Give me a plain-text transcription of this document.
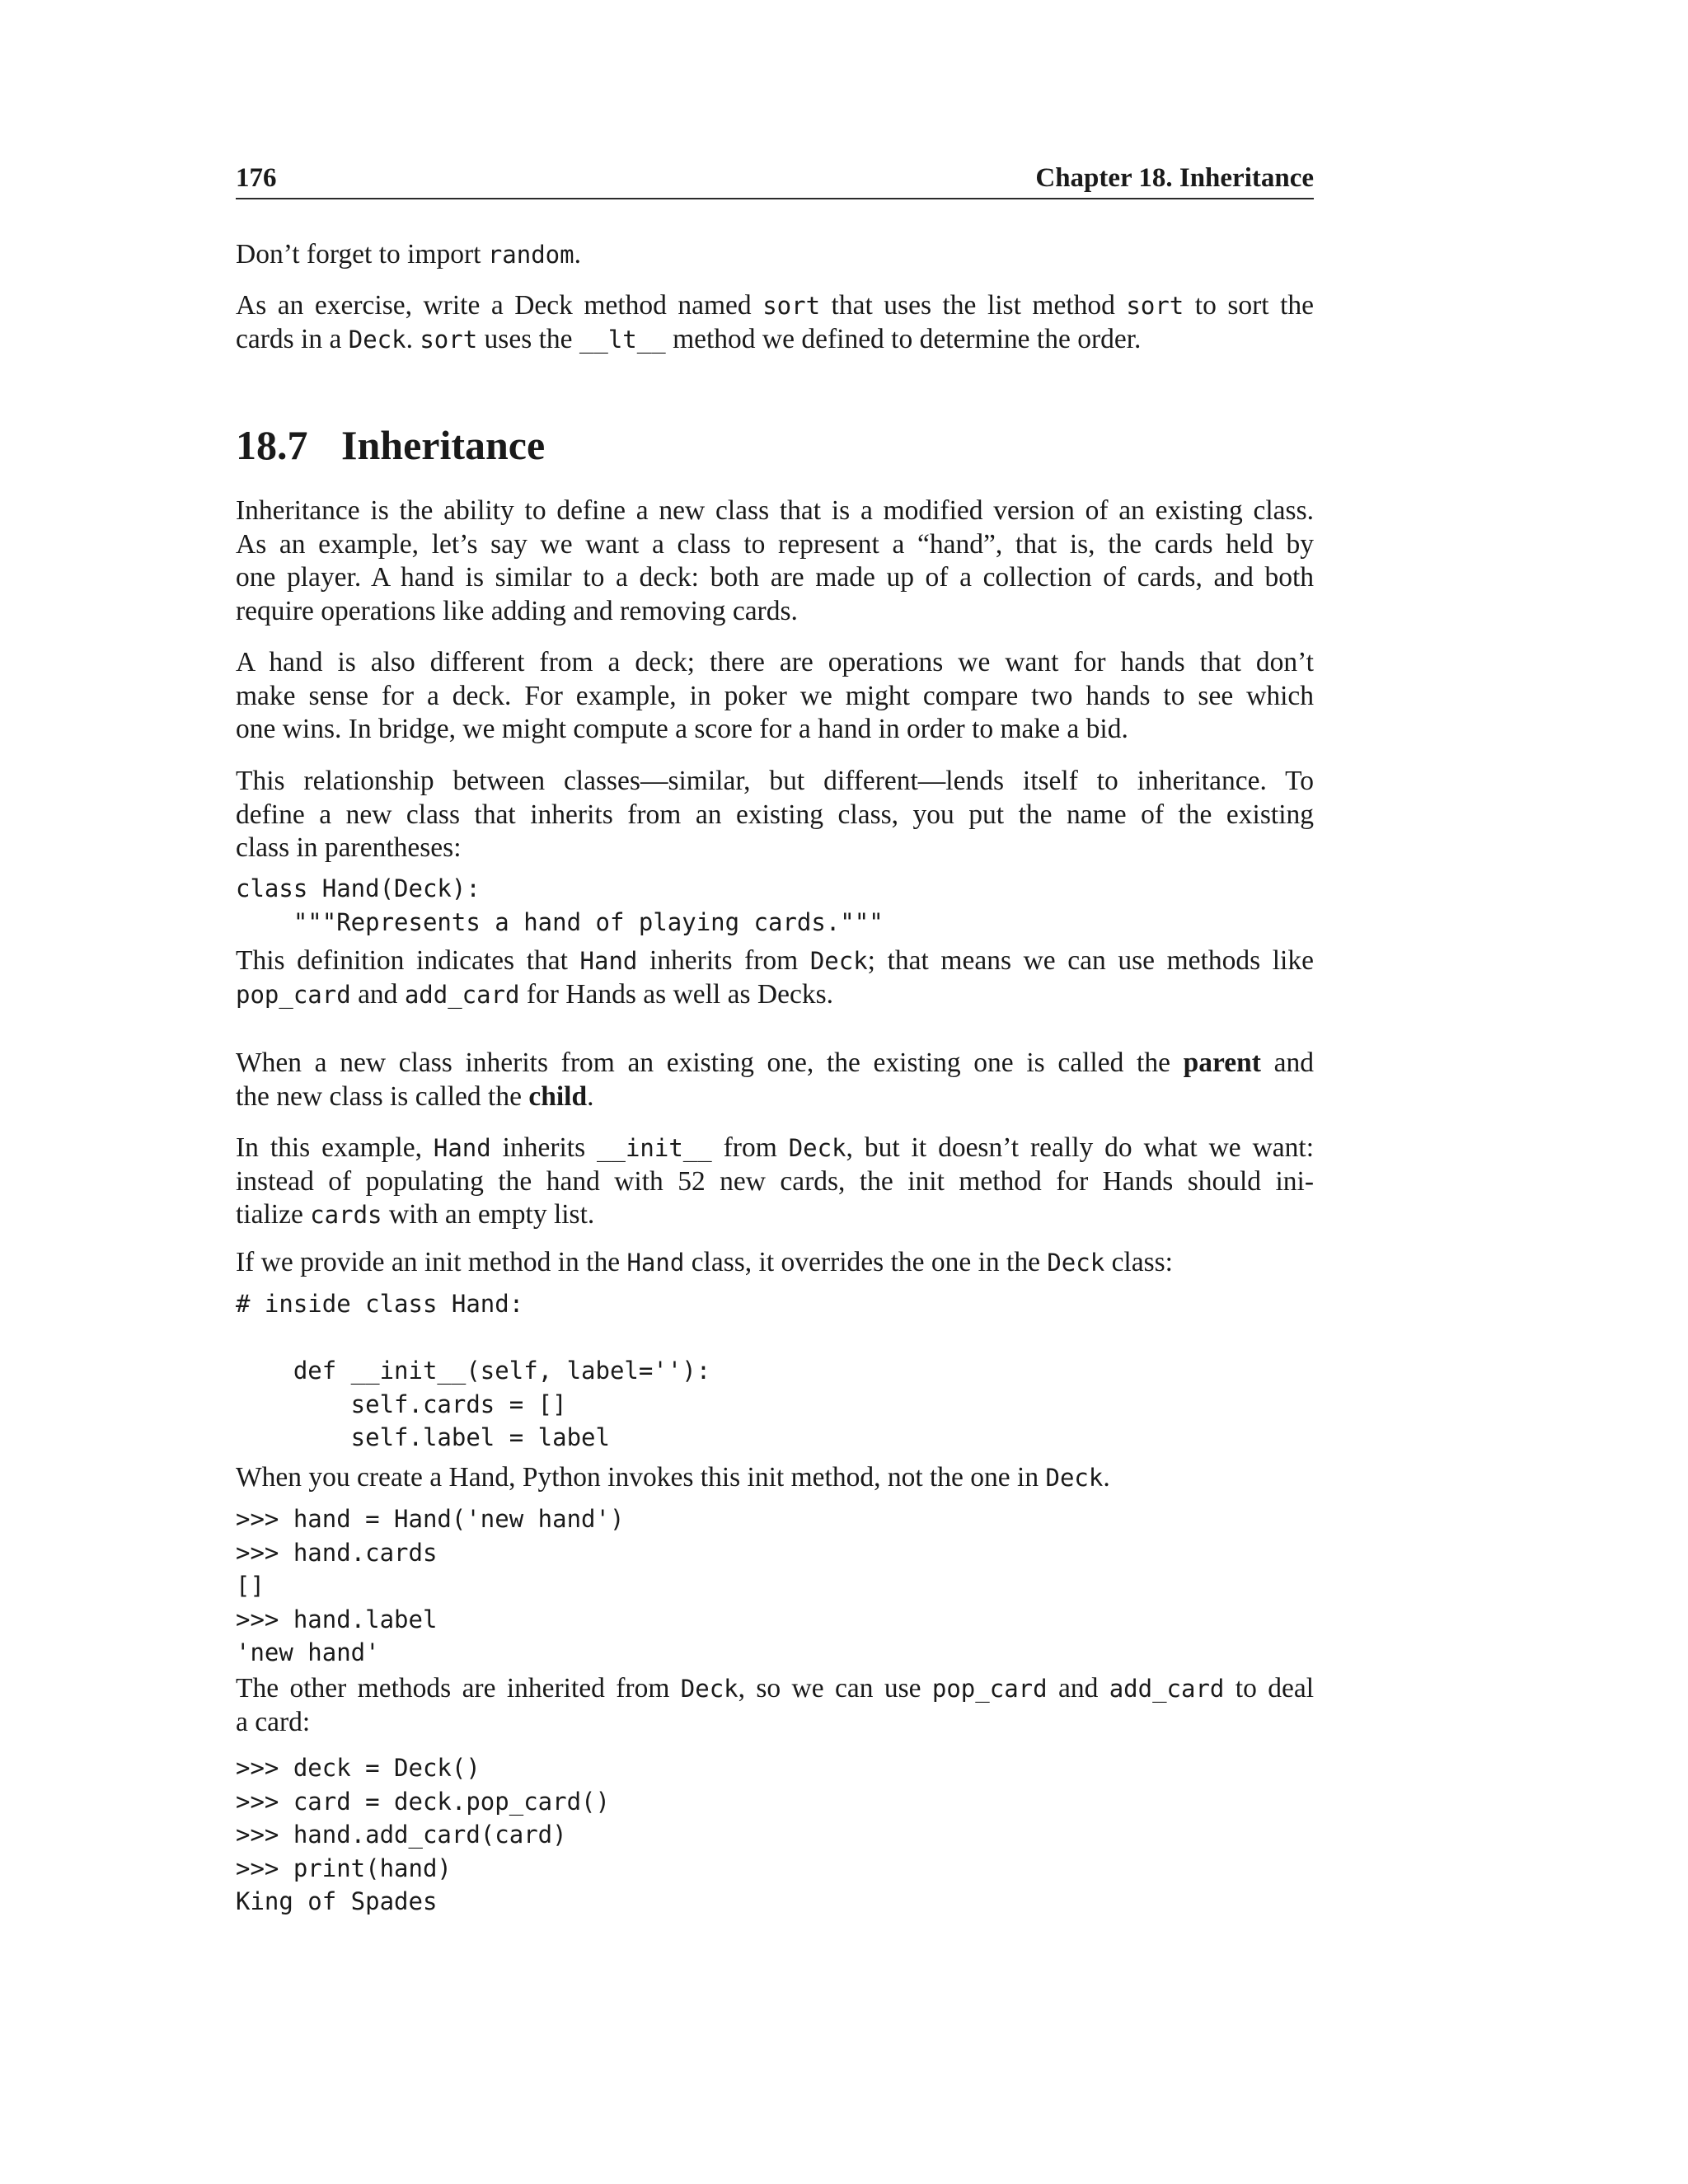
176	Chapter 18. Inheritance

Don’t forget to import random.

As an exercise, write a Deck method named sort that uses the list method sort to sort the
cards in a Deck. sort uses the __lt__ method we defined to determine the order.

18.7 Inheritance

Inheritance is the ability to define a new class that is a modified version of an existing class.
As an example, let’s say we want a class to represent a “hand”, that is, the cards held by
one player. A hand is similar to a deck: both are made up of a collection of cards, and both
require operations like adding and removing cards.

A hand is also different from a deck; there are operations we want for hands that don’t
make sense for a deck. For example, in poker we might compare two hands to see which
one wins. In bridge, we might compute a score for a hand in order to make a bid.

This relationship between classes—similar, but different—lends itself to inheritance. To
define a new class that inherits from an existing class, you put the name of the existing
class in parentheses:

class Hand(Deck):
"""Represents a hand of playing cards."""

This definition indicates that Hand inherits from Deck; that means we can use methods like
pop_card and add_card for Hands as well as Decks.

When a new class inherits from an existing one, the existing one is called the parent and
the new class is called the child.

In this example, Hand inherits __init__ from Deck, but it doesn’t really do what we want:
instead of populating the hand with 52 new cards, the init method for Hands should ini-
tialize cards with an empty list.

If we provide an init method in the Hand class, it overrides the one in the Deck class:

# inside class Hand:

def __init__(self, label=''):
self.cards = []
self.label = label

When you create a Hand, Python invokes this init method, not the one in Deck.

>>> hand = Hand('new hand')
>>> hand.cards
[]
>>> hand.label
'new hand'

The other methods are inherited from Deck, so we can use pop_card and add_card to deal
a card:

>>> deck = Deck()
>>> card = deck.pop_card()
>>> hand.add_card(card)
>>> print(hand)
King of Spades
